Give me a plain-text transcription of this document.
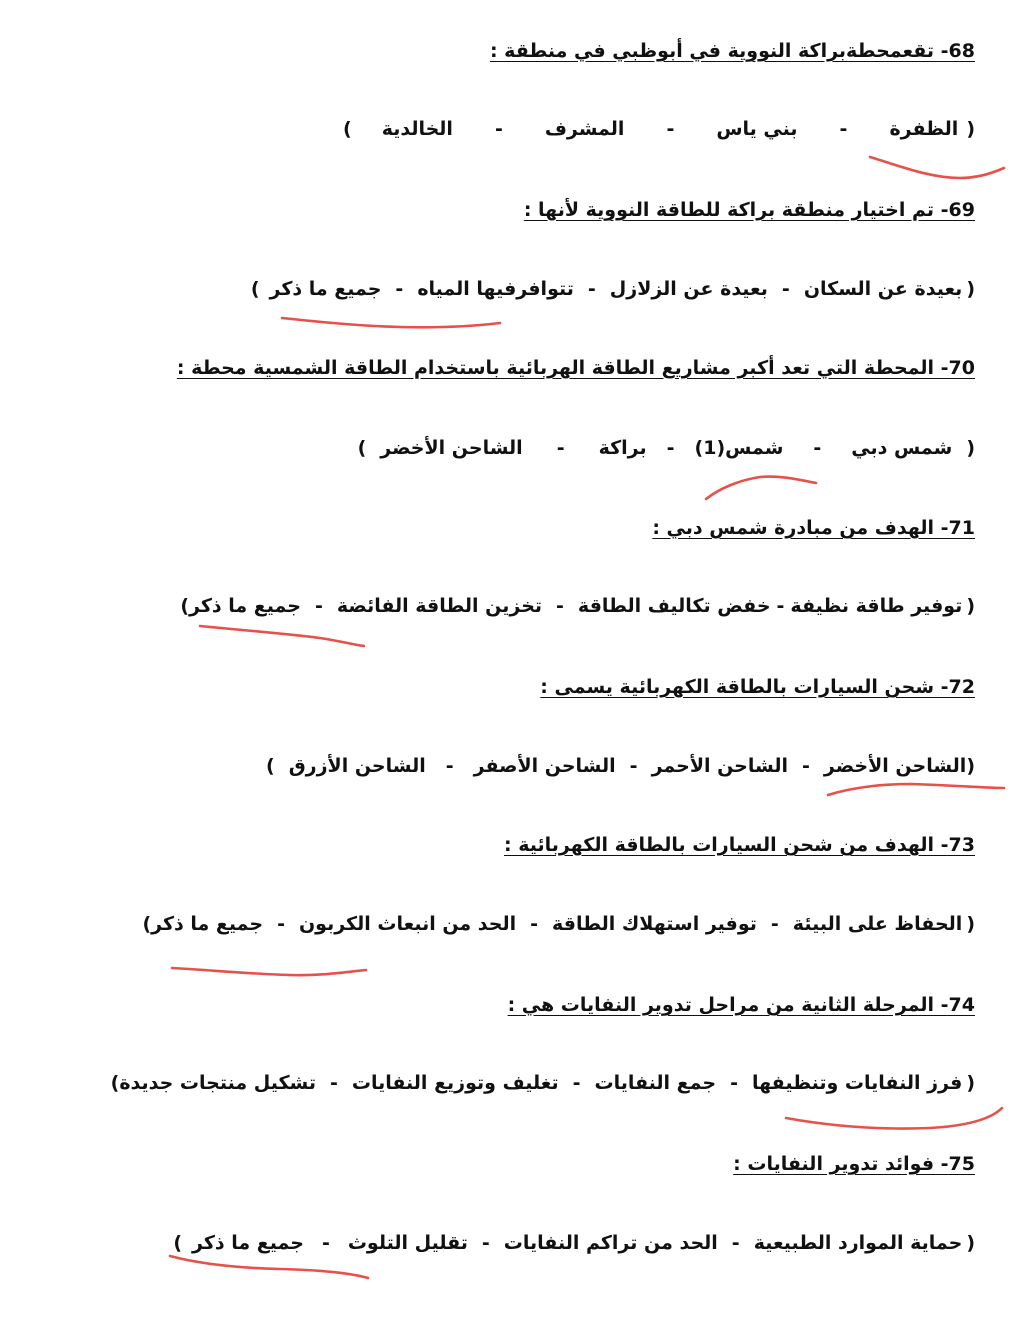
68- تقعمحطةبراكة النووية في أبوظبي في منطقة :
(
الظفرة
-
بني ياس
-
المشرف
-
الخالدية
)
69- تم اختيار منطقة براكة للطاقة النووية لأنها :
(
بعيدة عن السكان
-
بعيدة عن الزلازل
-
تتوافرفيها المياه
-
جميع ما ذكر
)
70- المحطة التي تعد أكبر مشاريع الطاقة الهربائية باستخدام الطاقة الشمسية محطة :
(
شمس دبي
-
شمس(1)
-
براكة
-
الشاحن الأخضر
)
71- الهدف من مبادرة شمس دبي :
(
توفير طاقة نظيفة
-
خفض تكاليف الطاقة
-
تخزين الطاقة الفائضة
-
جميع ما ذكر
)
72- شحن السيارات بالطاقة الكهربائية يسمى :
(
الشاحن الأخضر
-
الشاحن الأحمر
-
الشاحن الأصفر
-
الشاحن الأزرق
)
73- الهدف من شحن السيارات بالطاقة الكهربائية :
(
الحفاظ على البيئة
-
توفير استهلاك الطاقة
-
الحد من انبعاث الكربون
-
جميع ما ذكر
)
74- المرحلة الثانية من مراحل تدوير النفايات هي :
(
فرز النفايات وتنظيفها
-
جمع النفايات
-
تغليف وتوزيع النفايات
-
تشكيل منتجات جديدة
)
75- فوائد تدوير النفايات :
(
حماية الموارد الطبيعية
-
الحد من تراكم النفايات
-
تقليل التلوث
-
جميع ما ذكر
)
